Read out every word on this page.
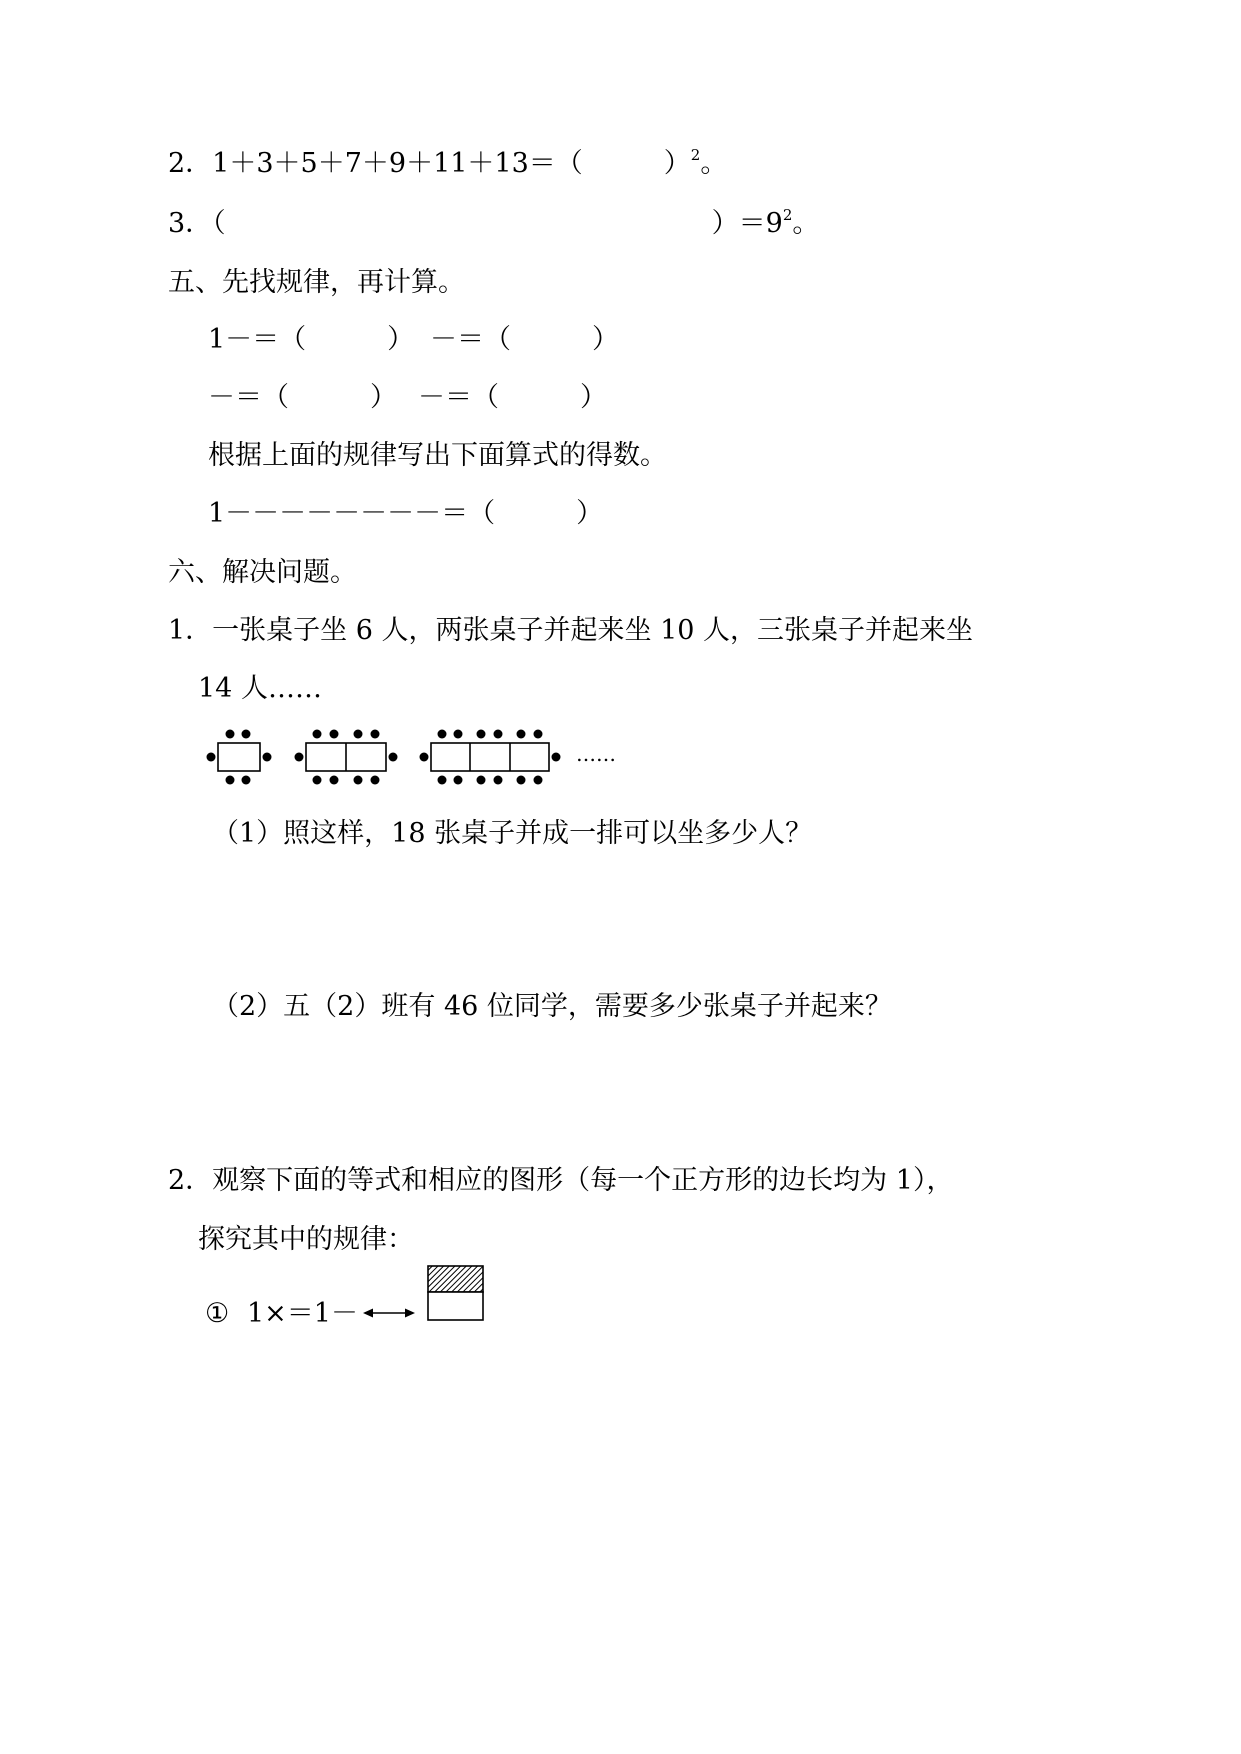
2．1＋3＋5＋7＋9＋11＋13＝（　　　）$^2$。
3．（　　　　　　　　　　　　　　　　　　）$=9^2$。
五、先找规律，再计算。
1－＝（　　　） －＝（　　　）
－＝（　　　） －＝（　　　）
根据上面的规律写出下面算式的得数。
1－－－－－－－－＝（　　　）
六、解决问题。
1．一张桌子坐 6 人，两张桌子并起来坐 10 人，三张桌子并起来坐
14 人……
……
（1）照这样，18 张桌子并成一排可以坐多少人？
（2）五（2）班有 46 位同学，需要多少张桌子并起来？
2．观察下面的等式和相应的图形（每一个正方形的边长均为 1），
探究其中的规律：
① 1×＝1－
